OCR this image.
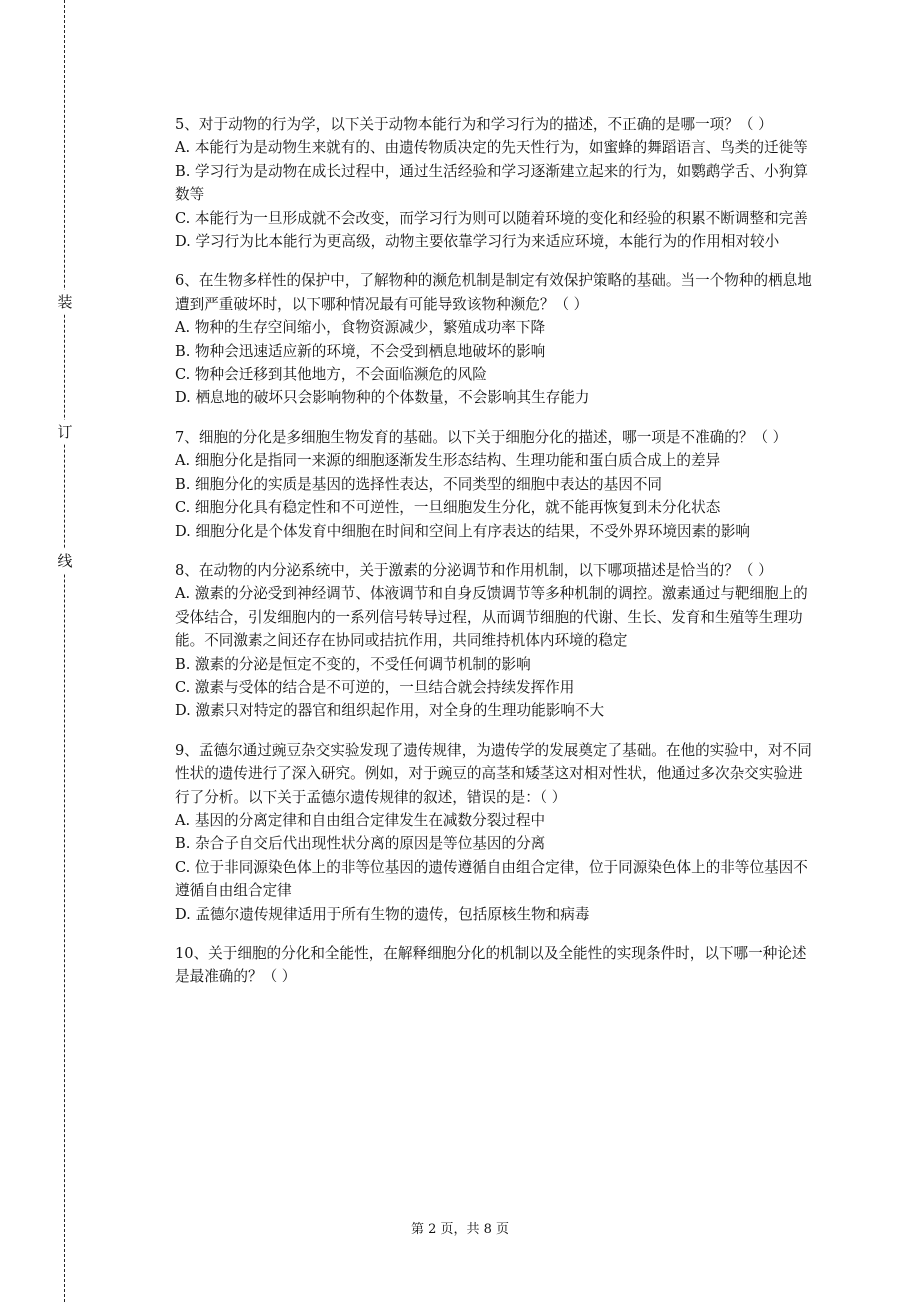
装
订
线

5、对于动物的行为学，以下关于动物本能行为和学习行为的描述，不正确的是哪一项？（ ）

A. 本能行为是动物生来就有的、由遗传物质决定的先天性行为，如蜜蜂的舞蹈语言、鸟类的迁徙等

B. 学习行为是动物在成长过程中，通过生活经验和学习逐渐建立起来的行为，如鹦鹉学舌、小狗算数等

C. 本能行为一旦形成就不会改变，而学习行为则可以随着环境的变化和经验的积累不断调整和完善

D. 学习行为比本能行为更高级，动物主要依靠学习行为来适应环境，本能行为的作用相对较小

6、在生物多样性的保护中，了解物种的濒危机制是制定有效保护策略的基础。当一个物种的栖息地遭到严重破坏时，以下哪种情况最有可能导致该物种濒危？（ ）

A. 物种的生存空间缩小，食物资源减少，繁殖成功率下降

B. 物种会迅速适应新的环境，不会受到栖息地破坏的影响

C. 物种会迁移到其他地方，不会面临濒危的风险

D. 栖息地的破坏只会影响物种的个体数量，不会影响其生存能力

7、细胞的分化是多细胞生物发育的基础。以下关于细胞分化的描述，哪一项是不准确的？（ ）

A. 细胞分化是指同一来源的细胞逐渐发生形态结构、生理功能和蛋白质合成上的差异

B. 细胞分化的实质是基因的选择性表达，不同类型的细胞中表达的基因不同

C. 细胞分化具有稳定性和不可逆性，一旦细胞发生分化，就不能再恢复到未分化状态

D. 细胞分化是个体发育中细胞在时间和空间上有序表达的结果，不受外界环境因素的影响

8、在动物的内分泌系统中，关于激素的分泌调节和作用机制，以下哪项描述是恰当的？（ ）

A. 激素的分泌受到神经调节、体液调节和自身反馈调节等多种机制的调控。激素通过与靶细胞上的受体结合，引发细胞内的一系列信号转导过程，从而调节细胞的代谢、生长、发育和生殖等生理功能。不同激素之间还存在协同或拮抗作用，共同维持机体内环境的稳定

B. 激素的分泌是恒定不变的，不受任何调节机制的影响

C. 激素与受体的结合是不可逆的，一旦结合就会持续发挥作用

D. 激素只对特定的器官和组织起作用，对全身的生理功能影响不大

9、孟德尔通过豌豆杂交实验发现了遗传规律，为遗传学的发展奠定了基础。在他的实验中，对不同性状的遗传进行了深入研究。例如，对于豌豆的高茎和矮茎这对相对性状，他通过多次杂交实验进行了分析。以下关于孟德尔遗传规律的叙述，错误的是：（ ）

A. 基因的分离定律和自由组合定律发生在减数分裂过程中

B. 杂合子自交后代出现性状分离的原因是等位基因的分离

C. 位于非同源染色体上的非等位基因的遗传遵循自由组合定律，位于同源染色体上的非等位基因不遵循自由组合定律

D. 孟德尔遗传规律适用于所有生物的遗传，包括原核生物和病毒

10、关于细胞的分化和全能性，在解释细胞分化的机制以及全能性的实现条件时，以下哪一种论述是最准确的？（ ）

第 2 页，共 8 页
